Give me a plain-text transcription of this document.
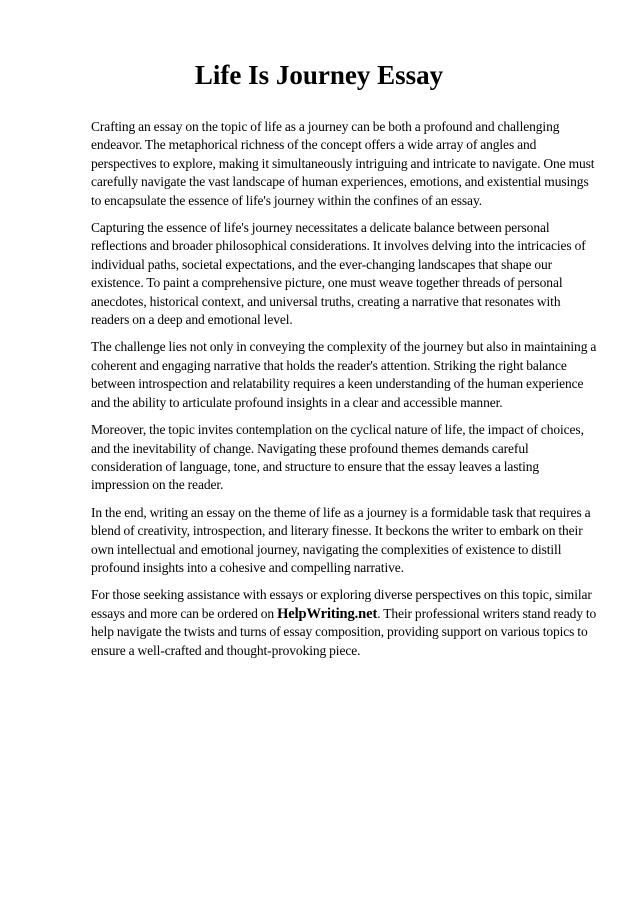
Life Is Journey Essay

Crafting an essay on the topic of life as a journey can be both a profound and challenging endeavor. The metaphorical richness of the concept offers a wide array of angles and perspectives to explore, making it simultaneously intriguing and intricate to navigate. One must carefully navigate the vast landscape of human experiences, emotions, and existential musings to encapsulate the essence of life's journey within the confines of an essay.

Capturing the essence of life's journey necessitates a delicate balance between personal reflections and broader philosophical considerations. It involves delving into the intricacies of individual paths, societal expectations, and the ever-changing landscapes that shape our existence. To paint a comprehensive picture, one must weave together threads of personal anecdotes, historical context, and universal truths, creating a narrative that resonates with readers on a deep and emotional level.

The challenge lies not only in conveying the complexity of the journey but also in maintaining a coherent and engaging narrative that holds the reader's attention. Striking the right balance between introspection and relatability requires a keen understanding of the human experience and the ability to articulate profound insights in a clear and accessible manner.

Moreover, the topic invites contemplation on the cyclical nature of life, the impact of choices, and the inevitability of change. Navigating these profound themes demands careful consideration of language, tone, and structure to ensure that the essay leaves a lasting impression on the reader.

In the end, writing an essay on the theme of life as a journey is a formidable task that requires a blend of creativity, introspection, and literary finesse. It beckons the writer to embark on their own intellectual and emotional journey, navigating the complexities of existence to distill profound insights into a cohesive and compelling narrative.

For those seeking assistance with essays or exploring diverse perspectives on this topic, similar essays and more can be ordered on HelpWriting.net. Their professional writers stand ready to help navigate the twists and turns of essay composition, providing support on various topics to ensure a well-crafted and thought-provoking piece.
